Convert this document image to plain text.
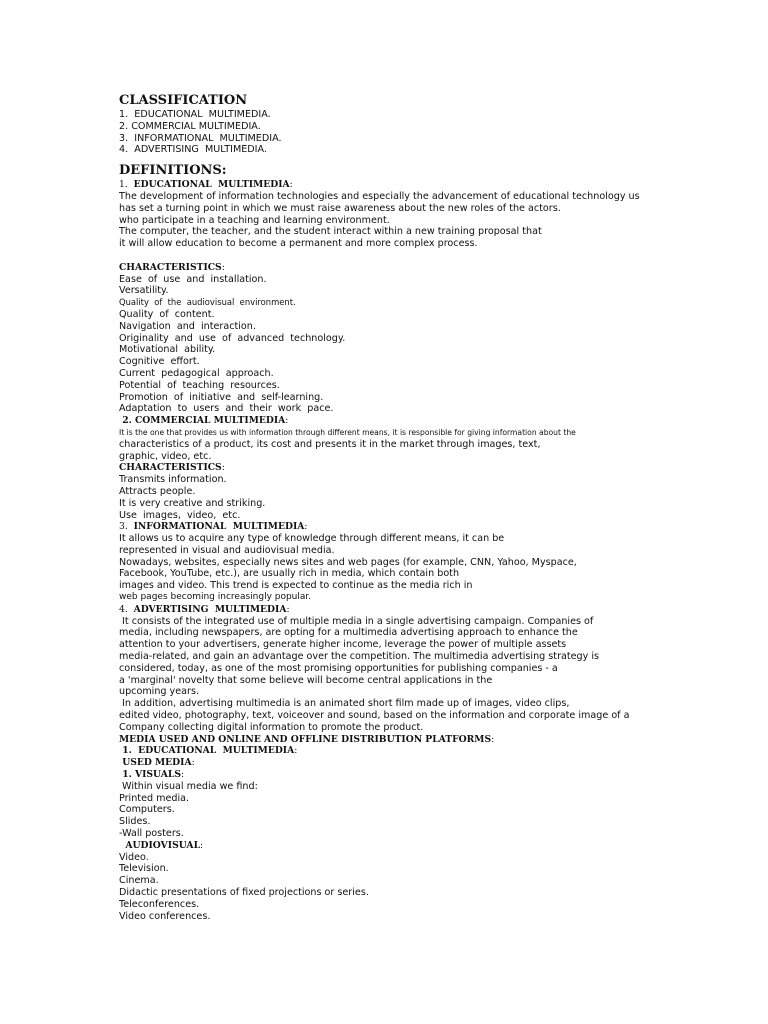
CLASSIFICATION

1.  EDUCATIONAL  MULTIMEDIA.

2. COMMERCIAL MULTIMEDIA.

3.  INFORMATIONAL  MULTIMEDIA.

4.  ADVERTISING  MULTIMEDIA.

DEFINITIONS:

1.  EDUCATIONAL  MULTIMEDIA:

The development of information technologies and especially the advancement of educational technology us

has set a turning point in which we must raise awareness about the new roles of the actors.

who participate in a teaching and learning environment.

The computer, the teacher, and the student interact within a new training proposal that

it will allow education to become a permanent and more complex process.

CHARACTERISTICS:

Ease  of  use  and  installation.

Versatility.

Quality  of  the  audiovisual  environment.

Quality  of  content.

Navigation  and  interaction.

Originality  and  use  of  advanced  technology.

Motivational  ability.

Cognitive  effort.

Current  pedagogical  approach.

Potential  of  teaching  resources.

Promotion  of  initiative  and  self-learning.

Adaptation  to  users  and  their  work  pace.

2. COMMERCIAL MULTIMEDIA:

It is the one that provides us with information through different means, it is responsible for giving information about the

characteristics of a product, its cost and presents it in the market through images, text,

graphic, video, etc.

CHARACTERISTICS:

Transmits information.

Attracts people.

It is very creative and striking.

Use  images,  video,  etc.

3.  INFORMATIONAL  MULTIMEDIA:

It allows us to acquire any type of knowledge through different means, it can be

represented in visual and audiovisual media.

Nowadays, websites, especially news sites and web pages (for example, CNN, Yahoo, Myspace,

Facebook, YouTube, etc.), are usually rich in media, which contain both

images and video. This trend is expected to continue as the media rich in

web pages becoming increasingly popular.

4.  ADVERTISING  MULTIMEDIA:

It consists of the integrated use of multiple media in a single advertising campaign. Companies of

media, including newspapers, are opting for a multimedia advertising approach to enhance the

attention to your advertisers, generate higher income, leverage the power of multiple assets

media-related, and gain an advantage over the competition. The multimedia advertising strategy is

considered, today, as one of the most promising opportunities for publishing companies - a

a 'marginal' novelty that some believe will become central applications in the

upcoming years.

In addition, advertising multimedia is an animated short film made up of images, video clips,

edited video, photography, text, voiceover and sound, based on the information and corporate image of a

Company collecting digital information to promote the product.

MEDIA USED AND ONLINE AND OFFLINE DISTRIBUTION PLATFORMS:

1.  EDUCATIONAL  MULTIMEDIA:

USED MEDIA:

1. VISUALS:

Within visual media we find:

Printed media.

Computers.

Slides.

-Wall posters.

AUDIOVISUAL:

Video.

Television.

Cinema.

Didactic presentations of fixed projections or series.

Teleconferences.

Video conferences.
